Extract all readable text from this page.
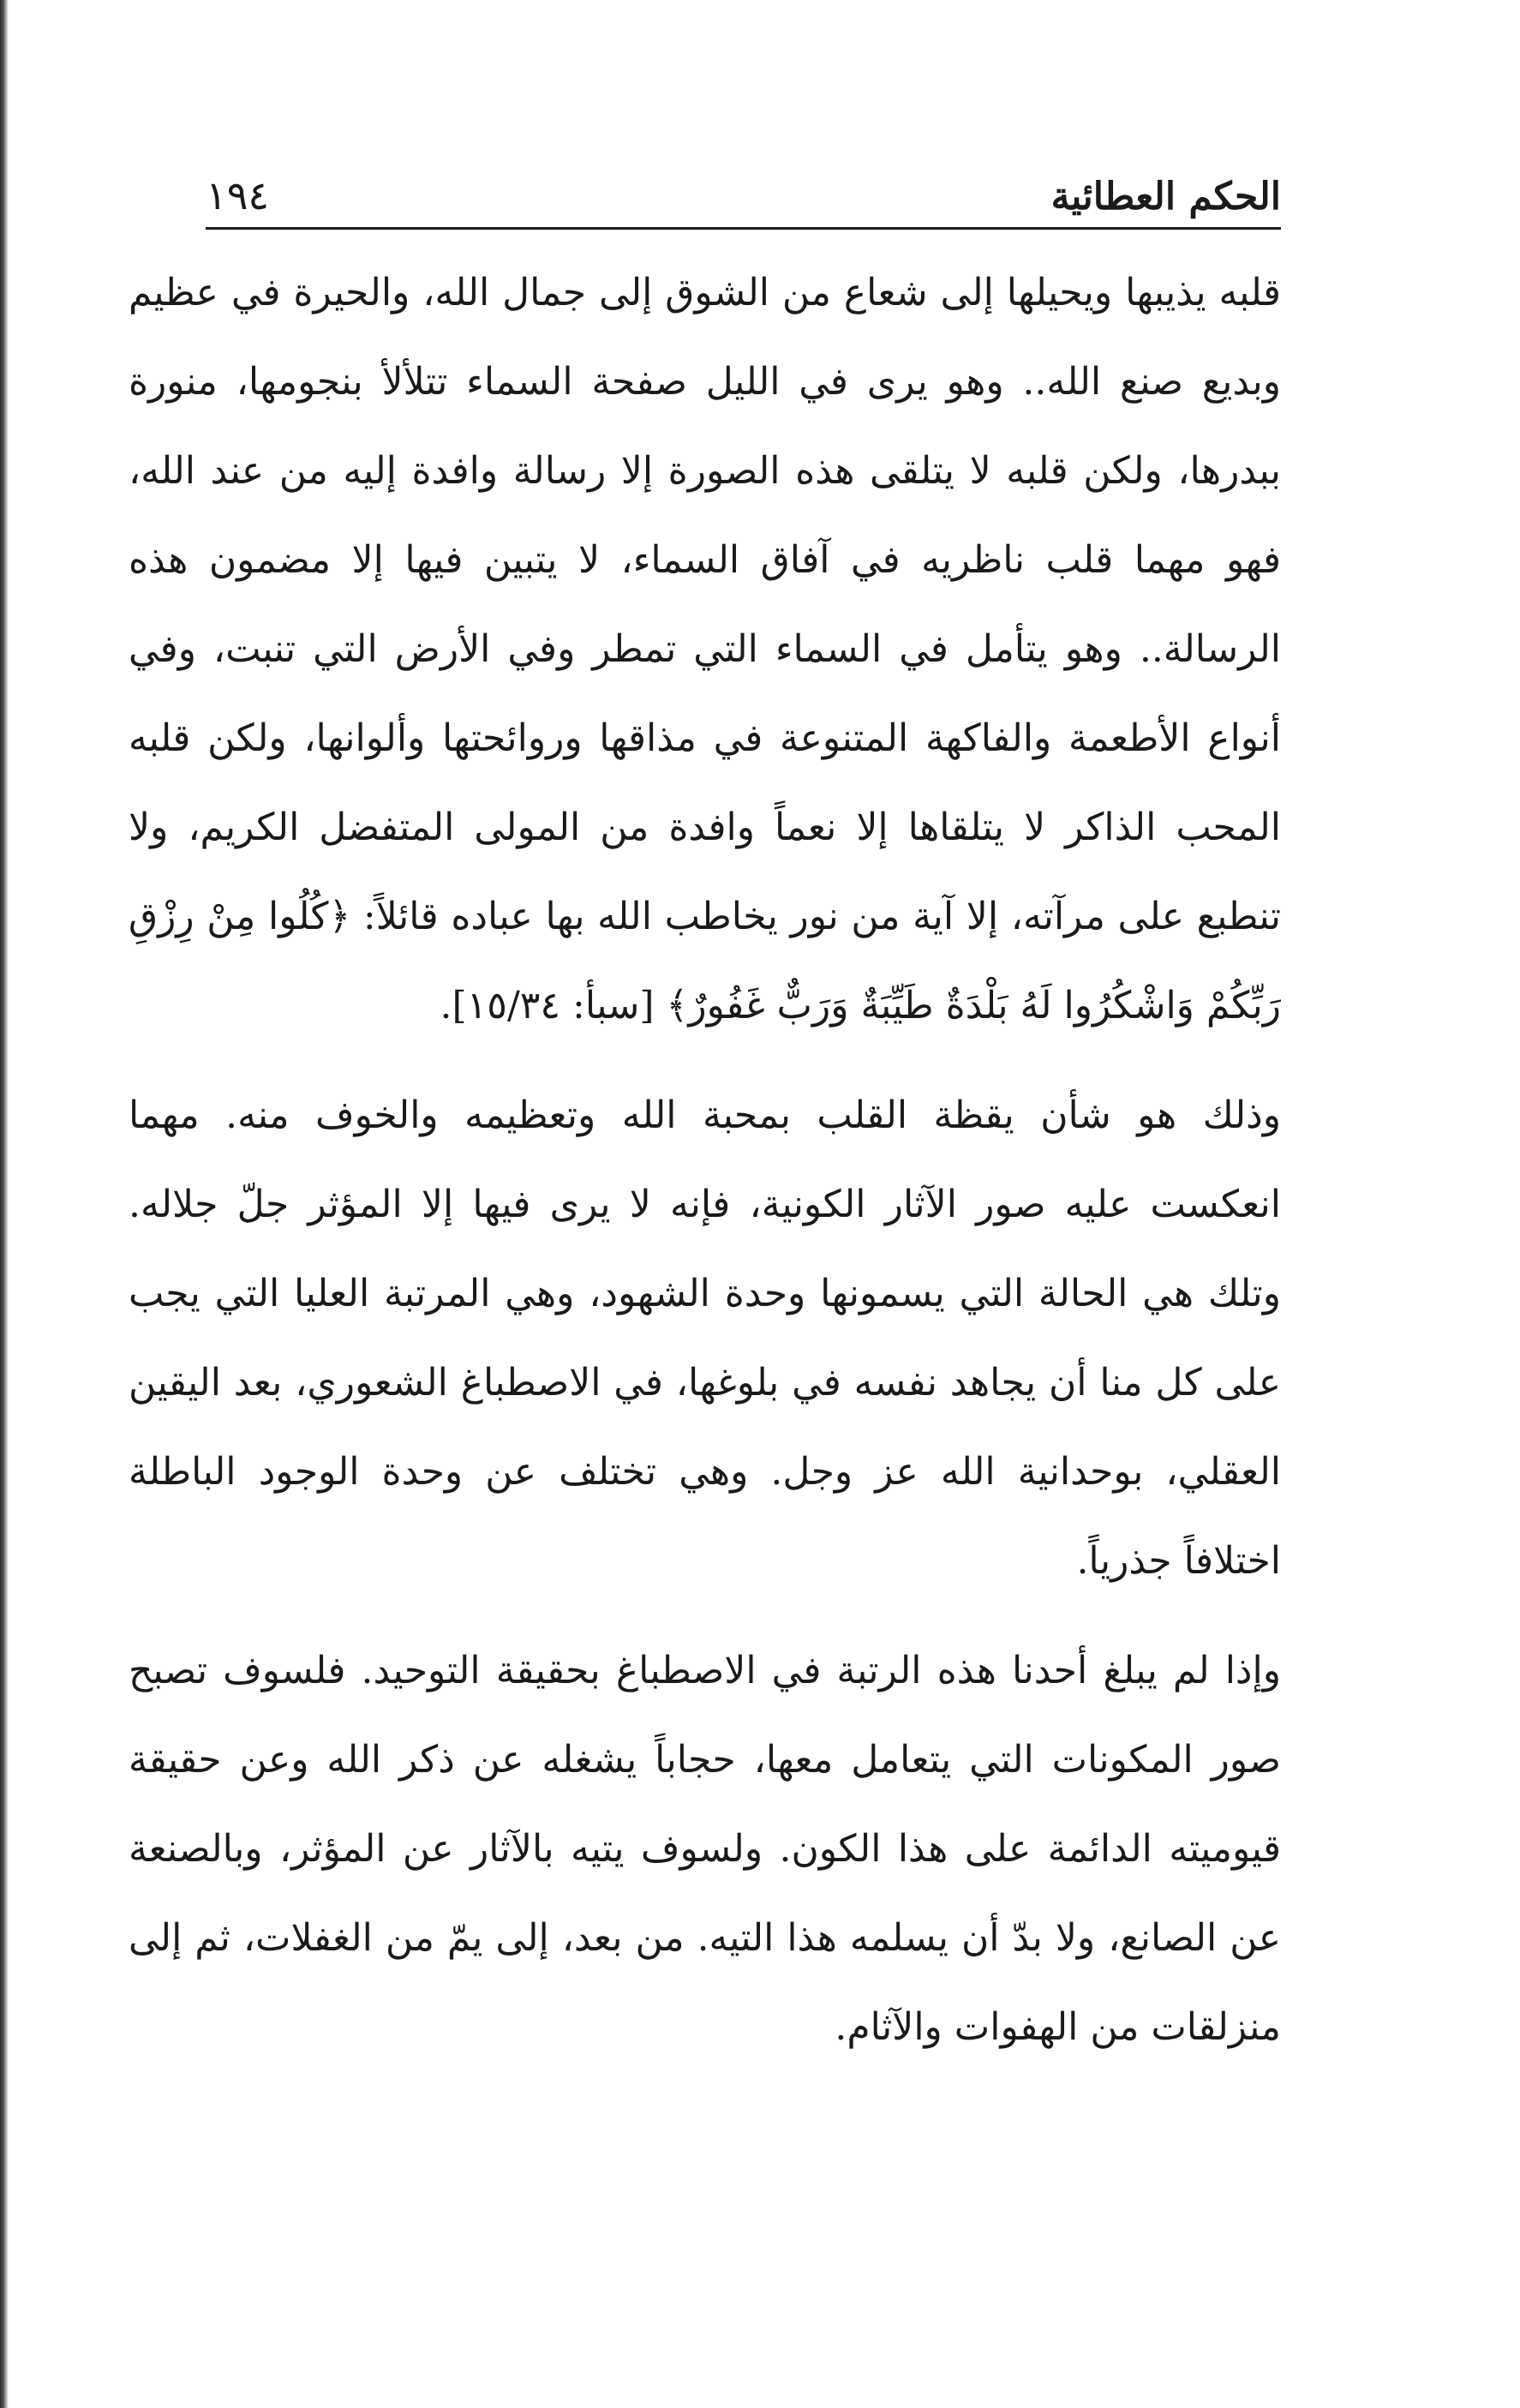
الحكم العطائية
١٩٤

قلبه يذيبها ويحيلها إلى شعاع من الشوق إلى جمال الله، والحيرة في عظيم وبديع صنع الله.. وهو يرى في الليل صفحة السماء تتلألأ بنجومها، منورة ببدرها، ولكن قلبه لا يتلقى هذه الصورة إلا رسالة وافدة إليه من عند الله، فهو مهما قلب ناظريه في آفاق السماء، لا يتبين فيها إلا مضمون هذه الرسالة.. وهو يتأمل في السماء التي تمطر وفي الأرض التي تنبت، وفي أنواع الأطعمة والفاكهة المتنوعة في مذاقها وروائحتها وألوانها، ولكن قلبه المحب الذاكر لا يتلقاها إلا نعماً وافدة من المولى المتفضل الكريم، ولا تنطبع على مرآته، إلا آية من نور يخاطب الله بها عباده قائلاً: ﴿كُلُوا مِنْ رِزْقِ رَبِّكُمْ وَاشْكُرُوا لَهُ بَلْدَةٌ طَيِّبَةٌ وَرَبٌّ غَفُورٌ﴾ [سبأ: ١٥/٣٤].

وذلك هو شأن يقظة القلب بمحبة الله وتعظيمه والخوف منه. مهما انعكست عليه صور الآثار الكونية، فإنه لا يرى فيها إلا المؤثر جلّ جلاله. وتلك هي الحالة التي يسمونها وحدة الشهود، وهي المرتبة العليا التي يجب على كل منا أن يجاهد نفسه في بلوغها، في الاصطباغ الشعوري، بعد اليقين العقلي، بوحدانية الله عز وجل. وهي تختلف عن وحدة الوجود الباطلة اختلافاً جذرياً.

وإذا لم يبلغ أحدنا هذه الرتبة في الاصطباغ بحقيقة التوحيد. فلسوف تصبح صور المكونات التي يتعامل معها، حجاباً يشغله عن ذكر الله وعن حقيقة قيوميته الدائمة على هذا الكون. ولسوف يتيه بالآثار عن المؤثر، وبالصنعة عن الصانع، ولا بدّ أن يسلمه هذا التيه. من بعد، إلى يمّ من الغفلات، ثم إلى منزلقات من الهفوات والآثام.
